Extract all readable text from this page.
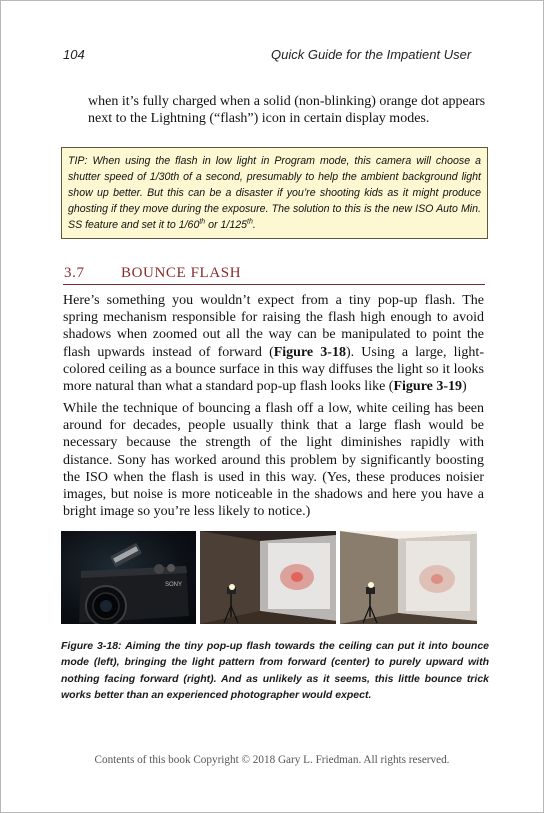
104	Quick Guide for the Impatient User
when it’s fully charged when a solid (non-blinking) orange dot appears next to the Lightning (“flash”) icon in certain display modes.
TIP: When using the flash in low light in Program mode, this camera will choose a shutter speed of 1/30th of a second, presumably to help the ambient background light show up better. But this can be a disaster if you’re shooting kids as it might produce ghosting if they move during the exposure. The solution to this is the new ISO Auto Min. SS feature and set it to 1/60th or 1/125th.
3.7 BOUNCE FLASH
Here’s something you wouldn’t expect from a tiny pop-up flash. The spring mechanism responsible for raising the flash high enough to avoid shadows when zoomed out all the way can be manipulated to point the flash upwards instead of forward (Figure 3-18). Using a large, light-colored ceiling as a bounce surface in this way diffuses the light so it looks more natural than what a standard pop-up flash looks like (Figure 3-19)
While the technique of bouncing a flash off a low, white ceiling has been around for decades, people usually think that a large flash would be necessary because the strength of the light diminishes rapidly with distance. Sony has worked around this problem by significantly boosting the ISO when the flash is used in this way. (Yes, these produces noisier images, but noise is more noticeable in the shadows and here you have a bright image so you’re less likely to notice.)
SONY
Figure 3-18: Aiming the tiny pop-up flash towards the ceiling can put it into bounce mode (left), bringing the light pattern from forward (center) to purely upward with nothing facing forward (right). And as unlikely as it seems, this little bounce trick works better than an experienced photographer would expect.
Contents of this book Copyright © 2018 Gary L. Friedman. All rights reserved.
